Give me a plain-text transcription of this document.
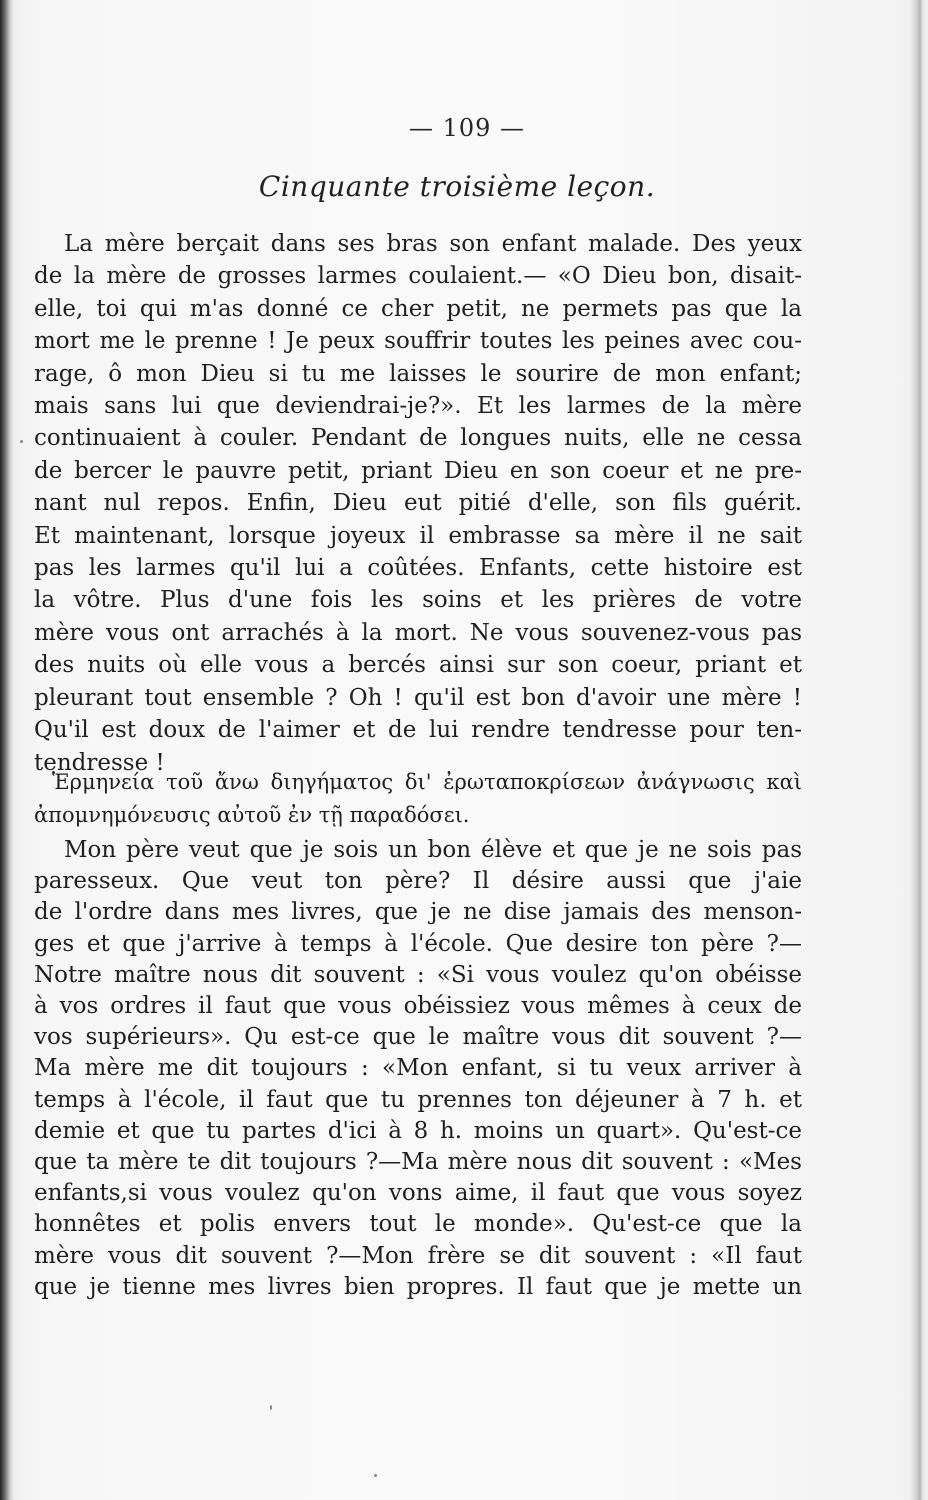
— 109 —
Cinquante troisième leçon.
La mère berçait dans ses bras son enfant malade. Des yeux
de la mère de grosses larmes coulaient.— «O Dieu bon, disait-
elle, toi qui m'as donné ce cher petit, ne permets pas que la
mort me le prenne ! Je peux souffrir toutes les peines avec cou-
rage, ô mon Dieu si tu me laisses le sourire de mon enfant;
mais sans lui que deviendrai-je?». Et les larmes de la mère
continuaient à couler. Pendant de longues nuits, elle ne cessa
de bercer le pauvre petit, priant Dieu en son coeur et ne pre-
nant nul repos. Enfin, Dieu eut pitié d'elle, son fils guérit.
Et maintenant, lorsque joyeux il embrasse sa mère il ne sait
pas les larmes qu'il lui a coûtées. Enfants, cette histoire est
la vôtre. Plus d'une fois les soins et les prières de votre
mère vous ont arrachés à la mort. Ne vous souvenez-vous pas
des nuits où elle vous a bercés ainsi sur son coeur, priant et
pleurant tout ensemble ? Oh ! qu'il est bon d'avoir une mère !
Qu'il est doux de l'aimer et de lui rendre tendresse pour ten-
tendresse !
Ἑρμηνεία τοῦ ἄνω διηγήματος δι' ἐρωταποκρίσεων ἀνάγνωσις καὶ
ἀπομνημόνευσις αὐτοῦ ἐν τῇ παραδόσει.
Mon père veut que je sois un bon élève et que je ne sois pas
paresseux. Que veut ton père? Il désire aussi que j'aie
de l'ordre dans mes livres, que je ne dise jamais des menson-
ges et que j'arrive à temps à l'école. Que desire ton père ?—
Notre maître nous dit souvent : «Si vous voulez qu'on obéisse
à vos ordres il faut que vous obéissiez vous mêmes à ceux de
vos supérieurs». Qu est-ce que le maître vous dit souvent ?—
Ma mère me dit toujours : «Mon enfant, si tu veux arriver à
temps à l'école, il faut que tu prennes ton déjeuner à 7 h. et
demie et que tu partes d'ici à 8 h. moins un quart». Qu'est-ce
que ta mère te dit toujours ?—Ma mère nous dit souvent : «Mes
enfants,si vous voulez qu'on vons aime, il faut que vous soyez
honnêtes et polis envers tout le monde». Qu'est-ce que la
mère vous dit souvent ?—Mon frère se dit souvent : «Il faut
que je tienne mes livres bien propres. Il faut que je mette un
